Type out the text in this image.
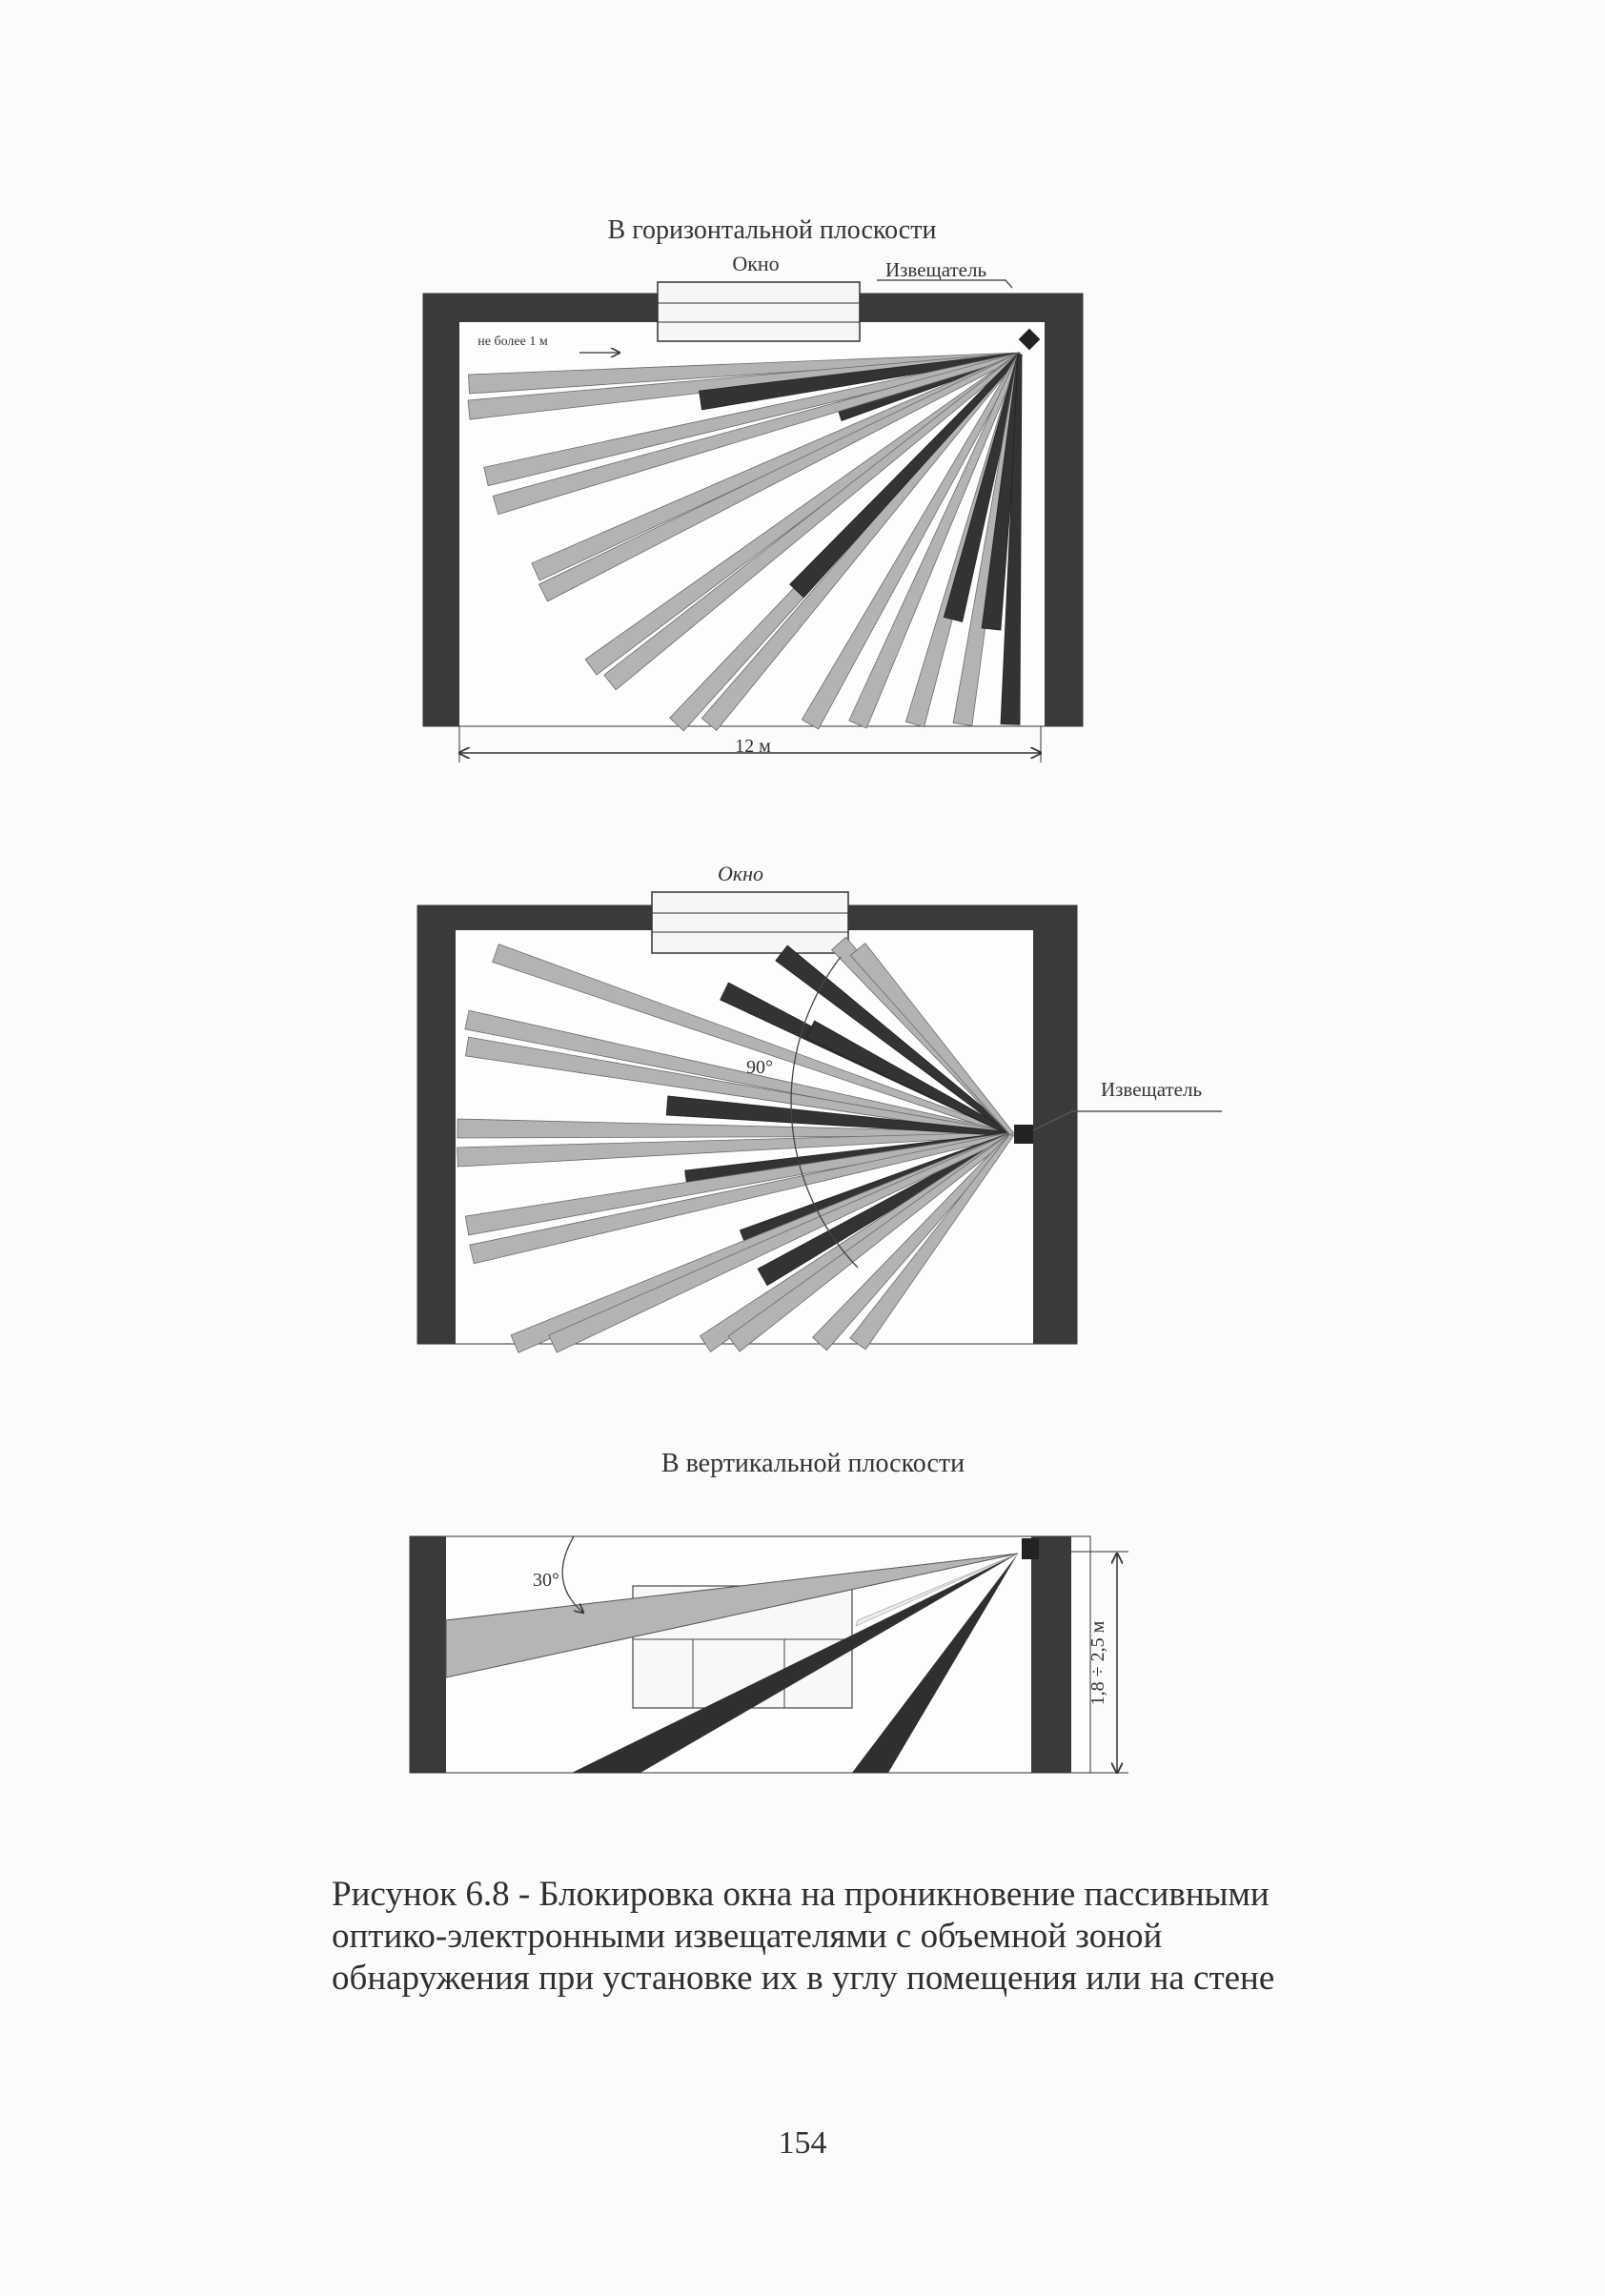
В горизонтальной плоскости
Окно	Извещатель
не более 1 м
12 м
Окно
90°
Извещатель
В вертикальной плоскости
30°
1,8 ÷ 2,5 м
Рисунок 6.8 - Блокировка окна на проникновение пассивными
оптико-электронными извещателями с объемной зоной
обнаружения при установке их в углу помещения или на стене
154
